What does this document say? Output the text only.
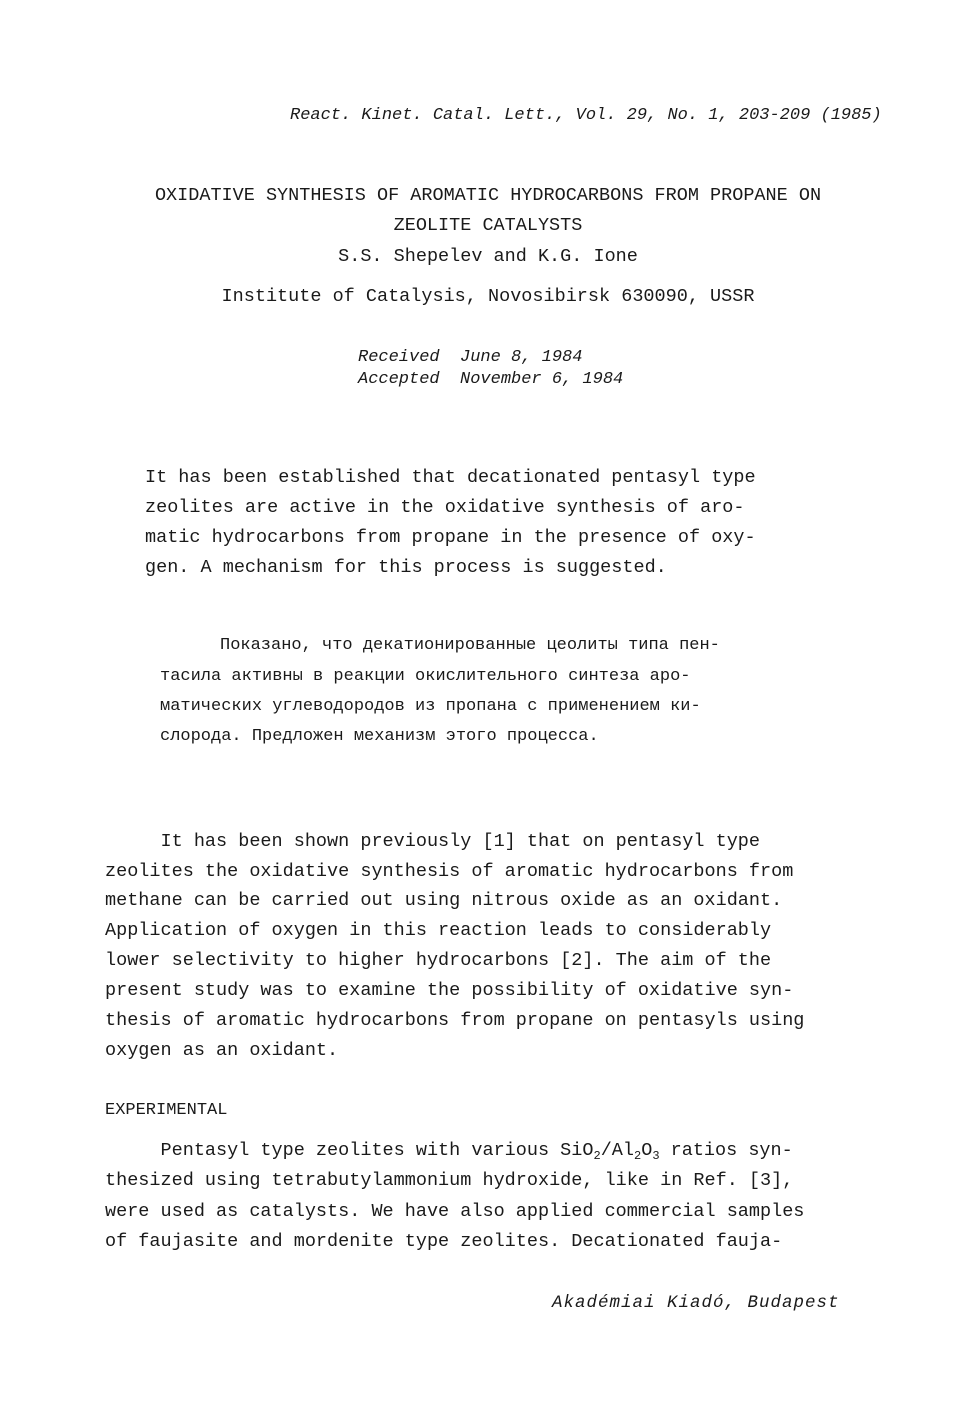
React. Kinet. Catal. Lett., Vol. 29, No. 1, 203-209 (1985)
OXIDATIVE SYNTHESIS OF AROMATIC HYDROCARBONS FROM PROPANE ON
ZEOLITE CATALYSTS
S.S. Shepelev and K.G. Ione
Institute of Catalysis, Novosibirsk 630090, USSR
Received  June 8, 1984
Accepted  November 6, 1984
It has been established that decationated pentasyl type
zeolites are active in the oxidative synthesis of aro-
matic hydrocarbons from propane in the presence of oxy-
gen. A mechanism for this process is suggested.
Показано, что декатионированные цеолиты типа пен-
тасила активны в реакции окислительного синтеза аро-
матических углеводородов из пропана с применением ки-
слорода. Предложен механизм этого процесса.
It has been shown previously [1] that on pentasyl type
zeolites the oxidative synthesis of aromatic hydrocarbons from
methane can be carried out using nitrous oxide as an oxidant.
Application of oxygen in this reaction leads to considerably
lower selectivity to higher hydrocarbons [2]. The aim of the
present study was to examine the possibility of oxidative syn-
thesis of aromatic hydrocarbons from propane on pentasyls using
oxygen as an oxidant.
EXPERIMENTAL
Pentasyl type zeolites with various $SiO_2/Al_2O_3$ ratios syn-
thesized using tetrabutylammonium hydroxide, like in Ref. [3],
were used as catalysts. We have also applied commercial samples
of faujasite and mordenite type zeolites. Decationated fauja-
Akadémiai Kiadó, Budapest
